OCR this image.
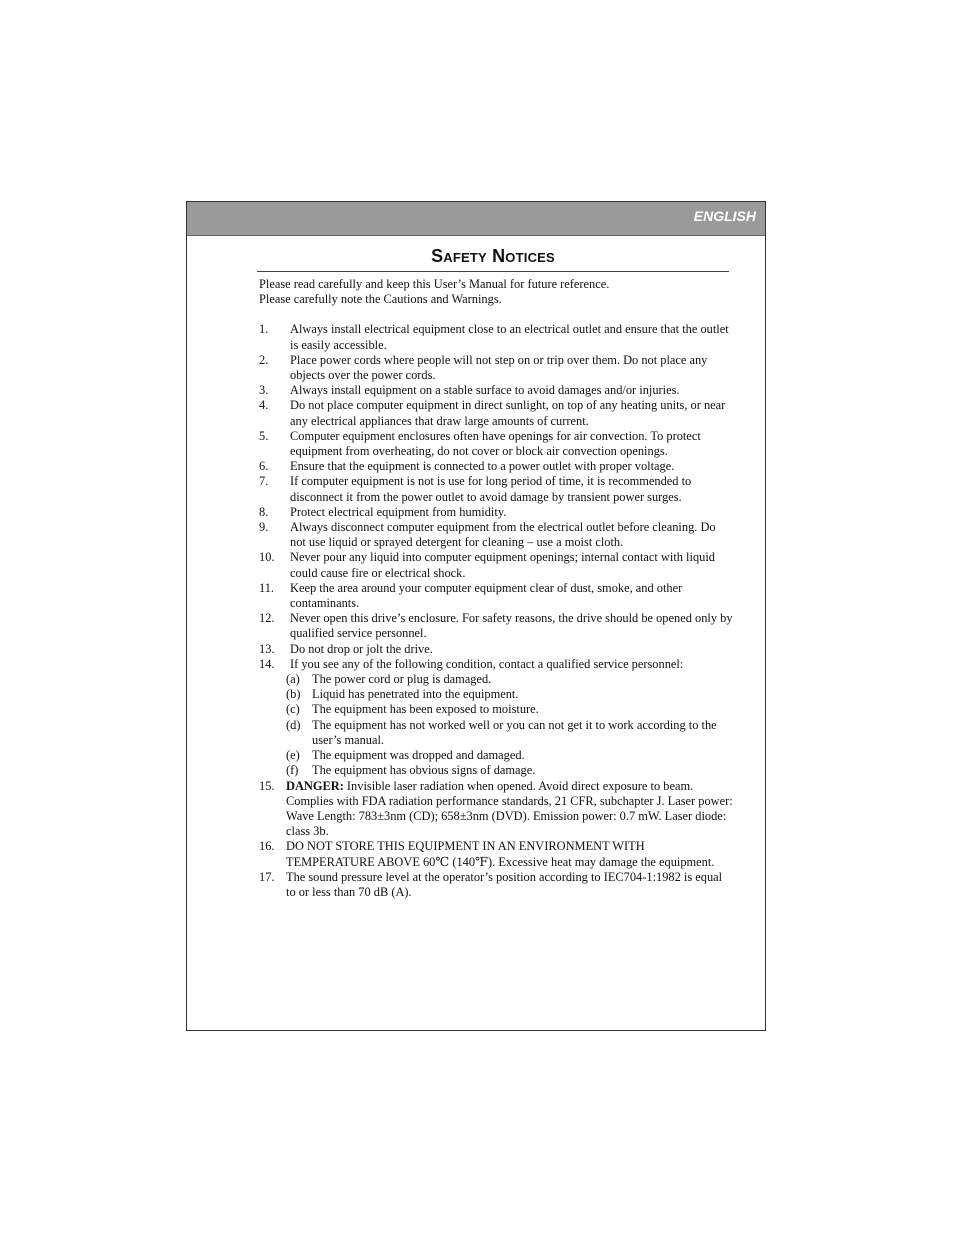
ENGLISH
Safety Notices

Please read carefully and keep this User’s Manual for future reference.

Please carefully note the Cautions and Warnings.

1. Always install electrical equipment close to an electrical outlet and ensure that the outlet is easily accessible.
2. Place power cords where people will not step on or trip over them. Do not place any objects over the power cords.
3. Always install equipment on a stable surface to avoid damages and/or injuries.
4. Do not place computer equipment in direct sunlight, on top of any heating units, or near any electrical appliances that draw large amounts of current.
5. Computer equipment enclosures often have openings for air convection. To protect equipment from overheating, do not cover or block air convection openings.
6. Ensure that the equipment is connected to a power outlet with proper voltage.
7. If computer equipment is not is use for long period of time, it is recommended to disconnect it from the power outlet to avoid damage by transient power surges.
8. Protect electrical equipment from humidity.
9. Always disconnect computer equipment from the electrical outlet before cleaning. Do not use liquid or sprayed detergent for cleaning – use a moist cloth.
10. Never pour any liquid into computer equipment openings; internal contact with liquid could cause fire or electrical shock.
11. Keep the area around your computer equipment clear of dust, smoke, and other contaminants.
12. Never open this drive’s enclosure. For safety reasons, the drive should be opened only by qualified service personnel.
13. Do not drop or jolt the drive.
14. If you see any of the following condition, contact a qualified service personnel:
(a) The power cord or plug is damaged.
(b) Liquid has penetrated into the equipment.
(c) The equipment has been exposed to moisture.
(d) The equipment has not worked well or you can not get it to work according to the user’s manual.
(e) The equipment was dropped and damaged.
(f) The equipment has obvious signs of damage.
15. DANGER: Invisible laser radiation when opened. Avoid direct exposure to beam. Complies with FDA radiation performance standards, 21 CFR, subchapter J. Laser power: Wave Length: 783±3nm (CD); 658±3nm (DVD). Emission power: 0.7 mW. Laser diode: class 3b.
16. DO NOT STORE THIS EQUIPMENT IN AN ENVIRONMENT WITH TEMPERATURE ABOVE 60℃ (140℉). Excessive heat may damage the equipment.
17. The sound pressure level at the operator’s position according to IEC704-1:1982 is equal to or less than 70 dB (A).
